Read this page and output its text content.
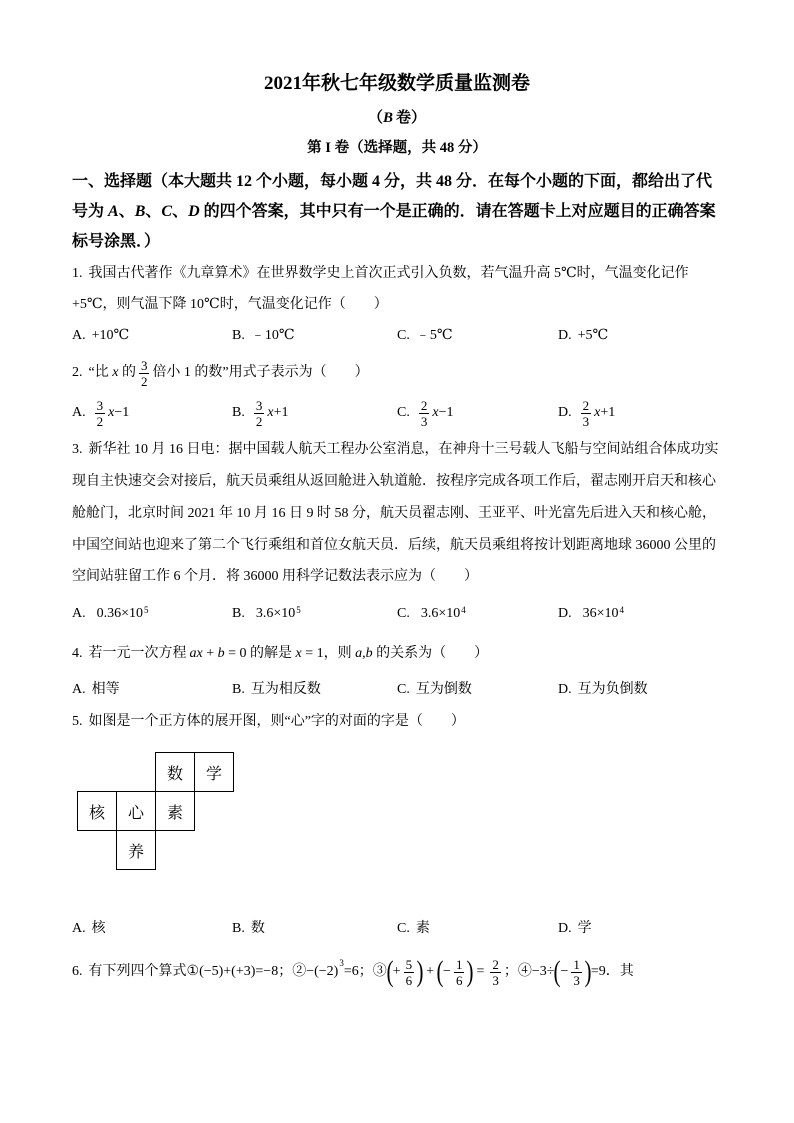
2021年秋七年级数学质量监测卷
（ B 卷）
第 I 卷（选择题，共 48 分）
一、选择题（本大题共 12 个小题，每小题 4 分，共 48 分．在每个小题的下面，都给出了代
号为 A 、 B 、 C 、 D 的四个答案，其中只有一个是正确的．请在答题卡上对应题目的正确答案
标号涂黑．）
1. 我国古代著作《九章算术》在世界数学史上首次正式引入负数，若气温升高 5℃时，气温变化记作
+5℃，则气温下降 10℃时，气温变化记作（　　）
A. +10℃	B. ﹣10℃	C. ﹣5℃	D. +5℃
2. “比 x 的 $\frac{3}{2}$ 倍小 1 的数”用式子表示为（　　）
A. $\frac{3}{2}$ x −1	B. $\frac{3}{2}$ x +1	C. $\frac{2}{3}$ x −1	D. $\frac{2}{3}$ x +1
3. 新华社 10 月 16 日电：据中国载人航天工程办公室消息，在神舟十三号载人飞船与空间站组合体成功实
现自主快速交会对接后，航天员乘组从返回舱进入轨道舱．按程序完成各项工作后，翟志刚开启天和核心
舱舱门，北京时间 2021 年 10 月 16 日 9 时 58 分，航天员翟志刚、王亚平、叶光富先后进入天和核心舱，
中国空间站也迎来了第二个飞行乘组和首位女航天员．后续，航天员乘组将按计划距离地球 36000 公里的
空间站驻留工作 6 个月．将 36000 用科学记数法表示应为（　　）
A. 0.36×10 5	B. 3.6×10 5	C. 3.6×10 4	D. 36×10 4
4. 若一元一次方程 ax + b = 0 的解是 x = 1 ，则 a , b 的关系为（　　）
A. 相等	B. 互为相反数	C. 互为倒数	D. 互为负倒数
5. 如图是一个正方体的展开图，则“心”字的对面的字是（　　）
数	学
核	心	素
养
A. 核	B. 数	C. 素	D. 学
6. 有下列四个算式 ① (−5)+(+3)=−8 ；② −(−2)
3
=6 ；③ ( + $\frac{5}{6}$ ) + ( − $\frac{1}{6}$ ) = $\frac{2}{3}$ ；④ −3÷ ( − $\frac{1}{3}$ ) =9 ．其
